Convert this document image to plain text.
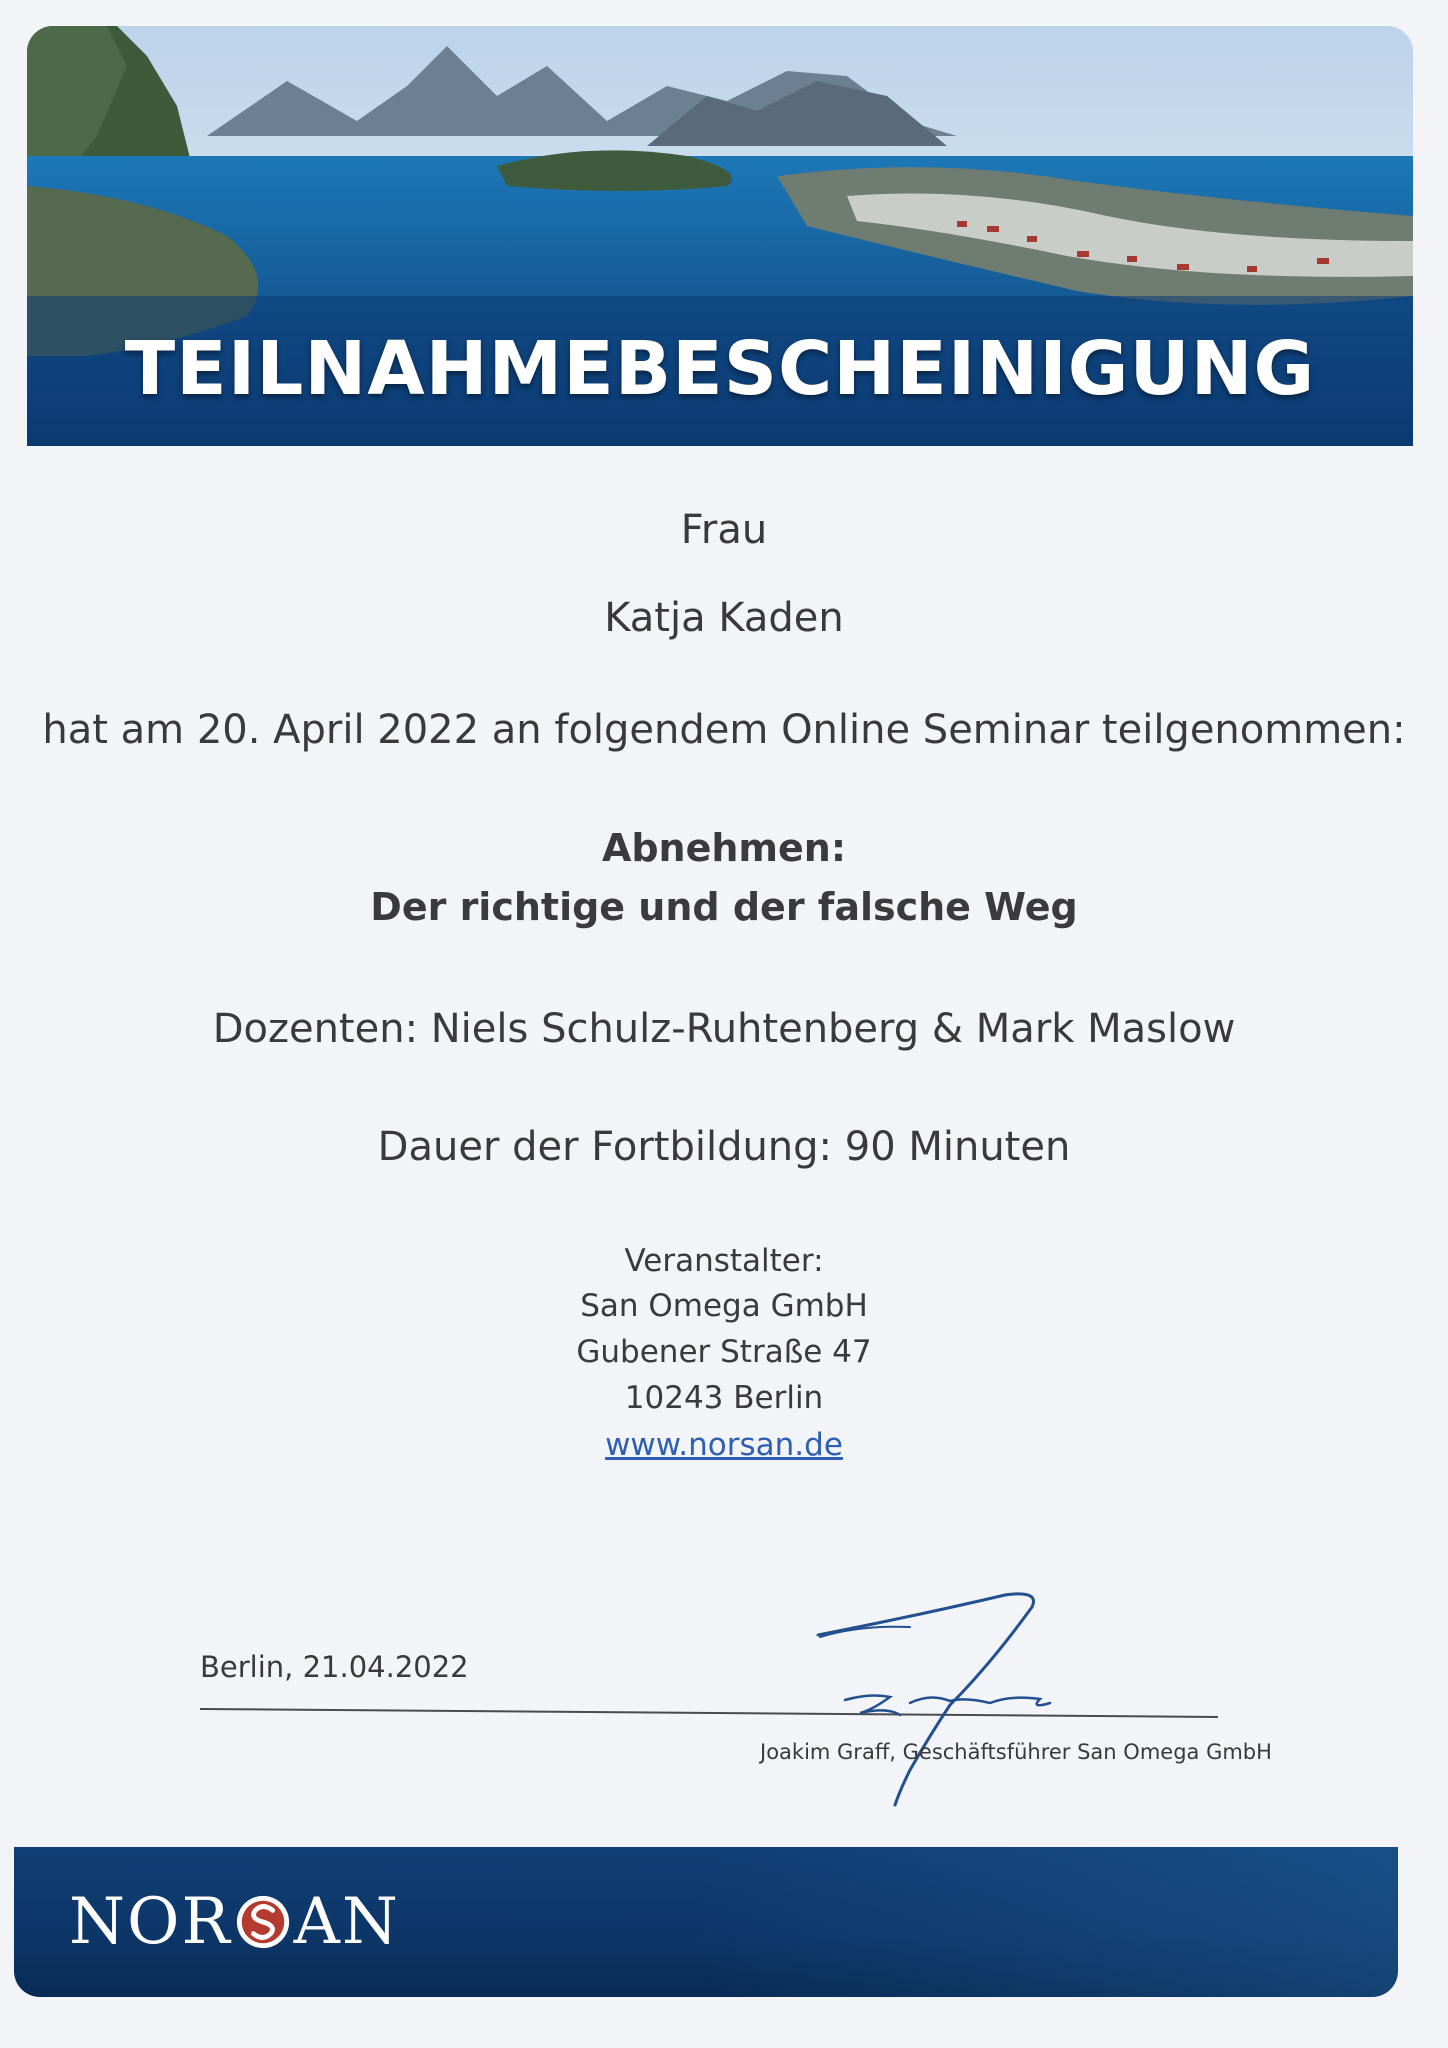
TEILNAHMEBESCHEINIGUNG
Frau
Katja Kaden
hat am 20. April 2022 an folgendem Online Seminar teilgenommen:
Abnehmen:
Der richtige und der falsche Weg
Dozenten: Niels Schulz-Ruhtenberg & Mark Maslow
Dauer der Fortbildung: 90 Minuten
Veranstalter:
San Omega GmbH
Gubener Straße 47
10243 Berlin
www.norsan.de
Berlin, 21.04.2022
Joakim Graff, Geschäftsführer San Omega GmbH
NOR AN
